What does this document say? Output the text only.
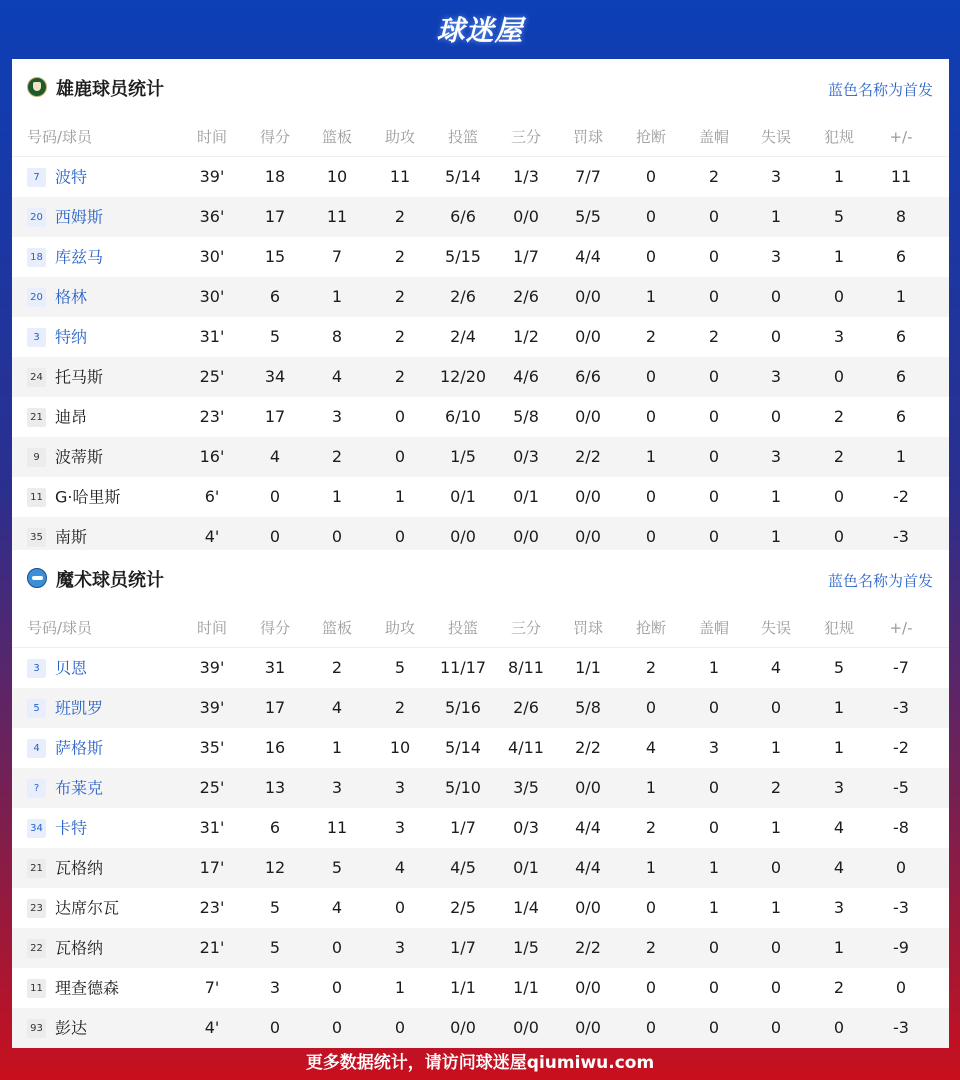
球迷屋
雄鹿球员统计	蓝色名称为首发
号码/球员	时间	得分	篮板	助攻	投篮	三分	罚球	抢断	盖帽	失误	犯规	+/-
7 波特	39'	18	10	11	5/14	1/3	7/7	0	2	3	1	11
20 西姆斯	36'	17	11	2	6/6	0/0	5/5	0	0	1	5	8
18 库兹马	30'	15	7	2	5/15	1/7	4/4	0	0	3	1	6
20 格林	30'	6	1	2	2/6	2/6	0/0	1	0	0	0	1
3 特纳	31'	5	8	2	2/4	1/2	0/0	2	2	0	3	6
24 托马斯	25'	34	4	2	12/20	4/6	6/6	0	0	3	0	6
21 迪昂	23'	17	3	0	6/10	5/8	0/0	0	0	0	2	6
9 波蒂斯	16'	4	2	0	1/5	0/3	2/2	1	0	3	2	1
11 G·哈里斯	6'	0	1	1	0/1	0/1	0/0	0	0	1	0	-2
35 南斯	4'	0	0	0	0/0	0/0	0/0	0	0	1	0	-3
魔术球员统计	蓝色名称为首发
号码/球员	时间	得分	篮板	助攻	投篮	三分	罚球	抢断	盖帽	失误	犯规	+/-
3 贝恩	39'	31	2	5	11/17	8/11	1/1	2	1	4	5	-7
5 班凯罗	39'	17	4	2	5/16	2/6	5/8	0	0	0	1	-3
4 萨格斯	35'	16	1	10	5/14	4/11	2/2	4	3	1	1	-2
? 布莱克	25'	13	3	3	5/10	3/5	0/0	1	0	2	3	-5
34 卡特	31'	6	11	3	1/7	0/3	4/4	2	0	1	4	-8
21 瓦格纳	17'	12	5	4	4/5	0/1	4/4	1	1	0	4	0
23 达席尔瓦	23'	5	4	0	2/5	1/4	0/0	0	1	1	3	-3
22 瓦格纳	21'	5	0	3	1/7	1/5	2/2	2	0	0	1	-9
11 理查德森	7'	3	0	1	1/1	1/1	0/0	0	0	0	2	0
93 彭达	4'	0	0	0	0/0	0/0	0/0	0	0	0	0	-3
更多数据统计，请访问球迷屋qiumiwu.com
